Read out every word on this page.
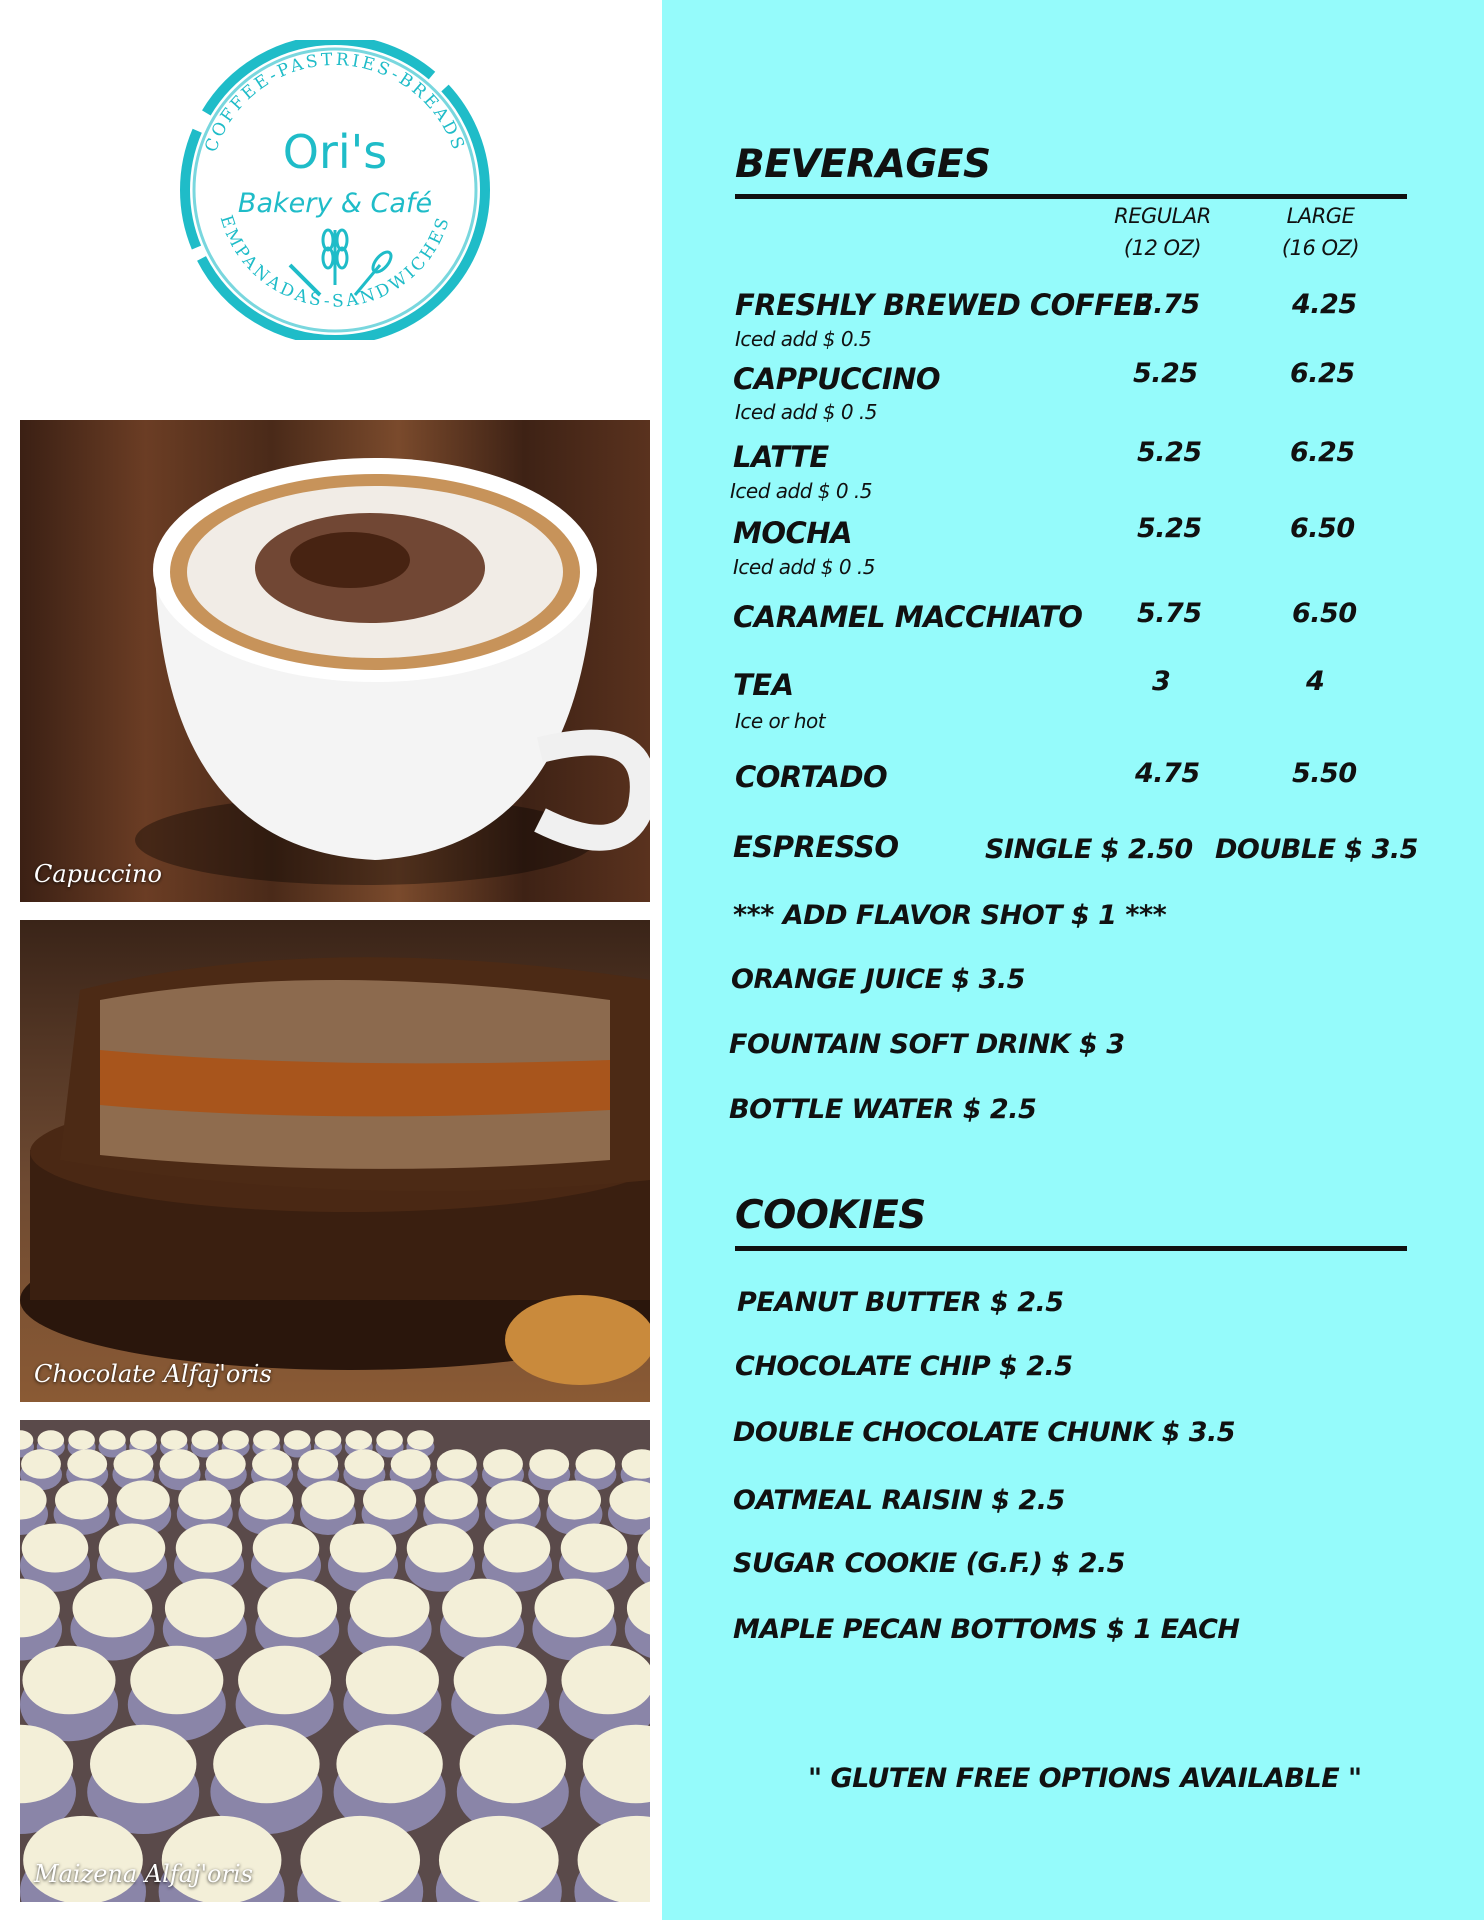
COFFEE-PASTRIES-BREADS
EMPANADAS-SANDWICHES
Ori's
Bakery & Café
Capuccino
Chocolate Alfaj'oris
Maizena Alfaj'oris
BEVERAGES
REGULAR
(12 OZ)
LARGE
(16 OZ)
FRESHLY BREWED COFFEE
Iced add $ 0.5
3.75	4.25
CAPPUCCINO
Iced add $ 0 .5
5.25	6.25
LATTE
Iced add $ 0 .5
5.25	6.25
MOCHA
Iced add $ 0 .5
5.25	6.50
CARAMEL MACCHIATO 5.75	6.50
TEA
Ice or hot
3	4
CORTADO	4.75	5.50
ESPRESSO	SINGLE $ 2.50 DOUBLE $ 3.5
*** ADD FLAVOR SHOT $ 1 ***
ORANGE JUICE $ 3.5
FOUNTAIN SOFT DRINK $ 3
BOTTLE WATER $ 2.5
COOKIES
PEANUT BUTTER $ 2.5
CHOCOLATE CHIP $ 2.5
DOUBLE CHOCOLATE CHUNK $ 3.5
OATMEAL RAISIN $ 2.5
SUGAR COOKIE (G.F.) $ 2.5
MAPLE PECAN BOTTOMS $ 1 EACH
" GLUTEN FREE OPTIONS AVAILABLE "
